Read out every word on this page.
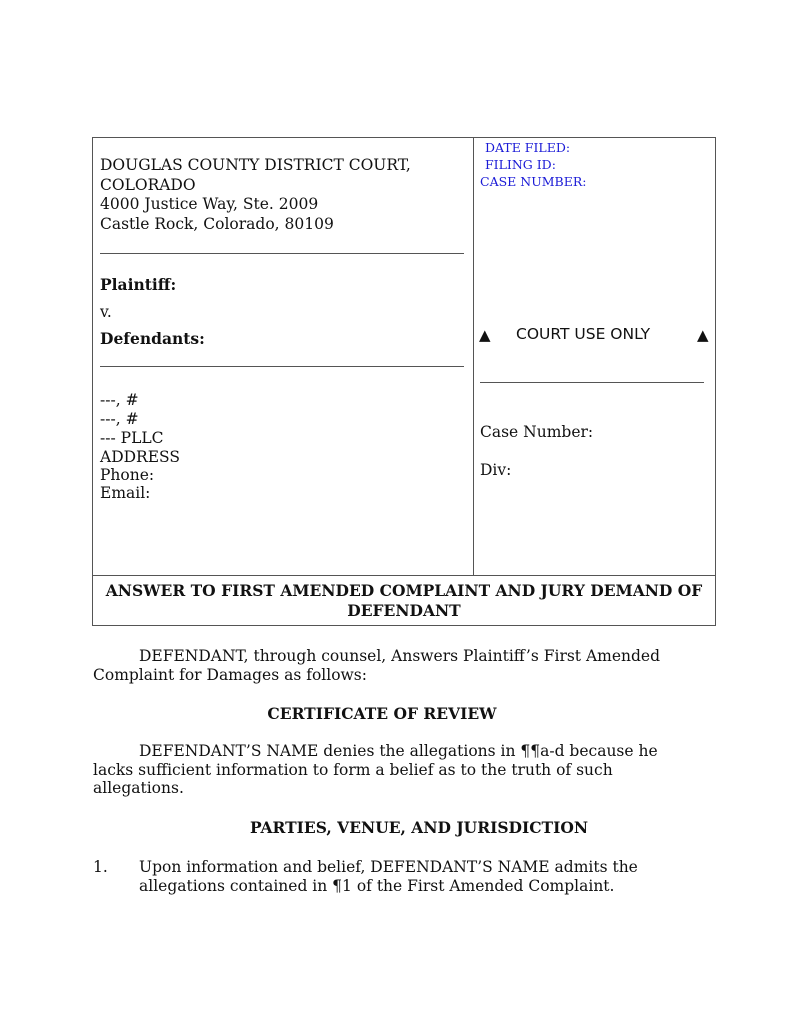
DOUGLAS COUNTY DISTRICT COURT,
COLORADO
4000 Justice Way, Ste. 2009
Castle Rock, Colorado, 80109
Plaintiff:
v.
Defendants:
---, #
---, #
--- PLLC
ADDRESS
Phone:
Email:
DATE FILED:
FILING ID:
CASE NUMBER:
▲ COURT USE ONLY	▲
Case Number:
Div:
ANSWER TO FIRST AMENDED COMPLAINT AND JURY DEMAND OF
DEFENDANT
DEFENDANT, through counsel, Answers Plaintiff’s First Amended Complaint for Damages as follows:
CERTIFICATE OF REVIEW
DEFENDANT’S NAME denies the allegations in ¶¶a-d because he lacks sufficient information to form a belief as to the truth of such allegations.
PARTIES, VENUE, AND JURISDICTION
1. Upon information and belief, DEFENDANT’S NAME admits the allegations contained in ¶1 of the First Amended Complaint.
